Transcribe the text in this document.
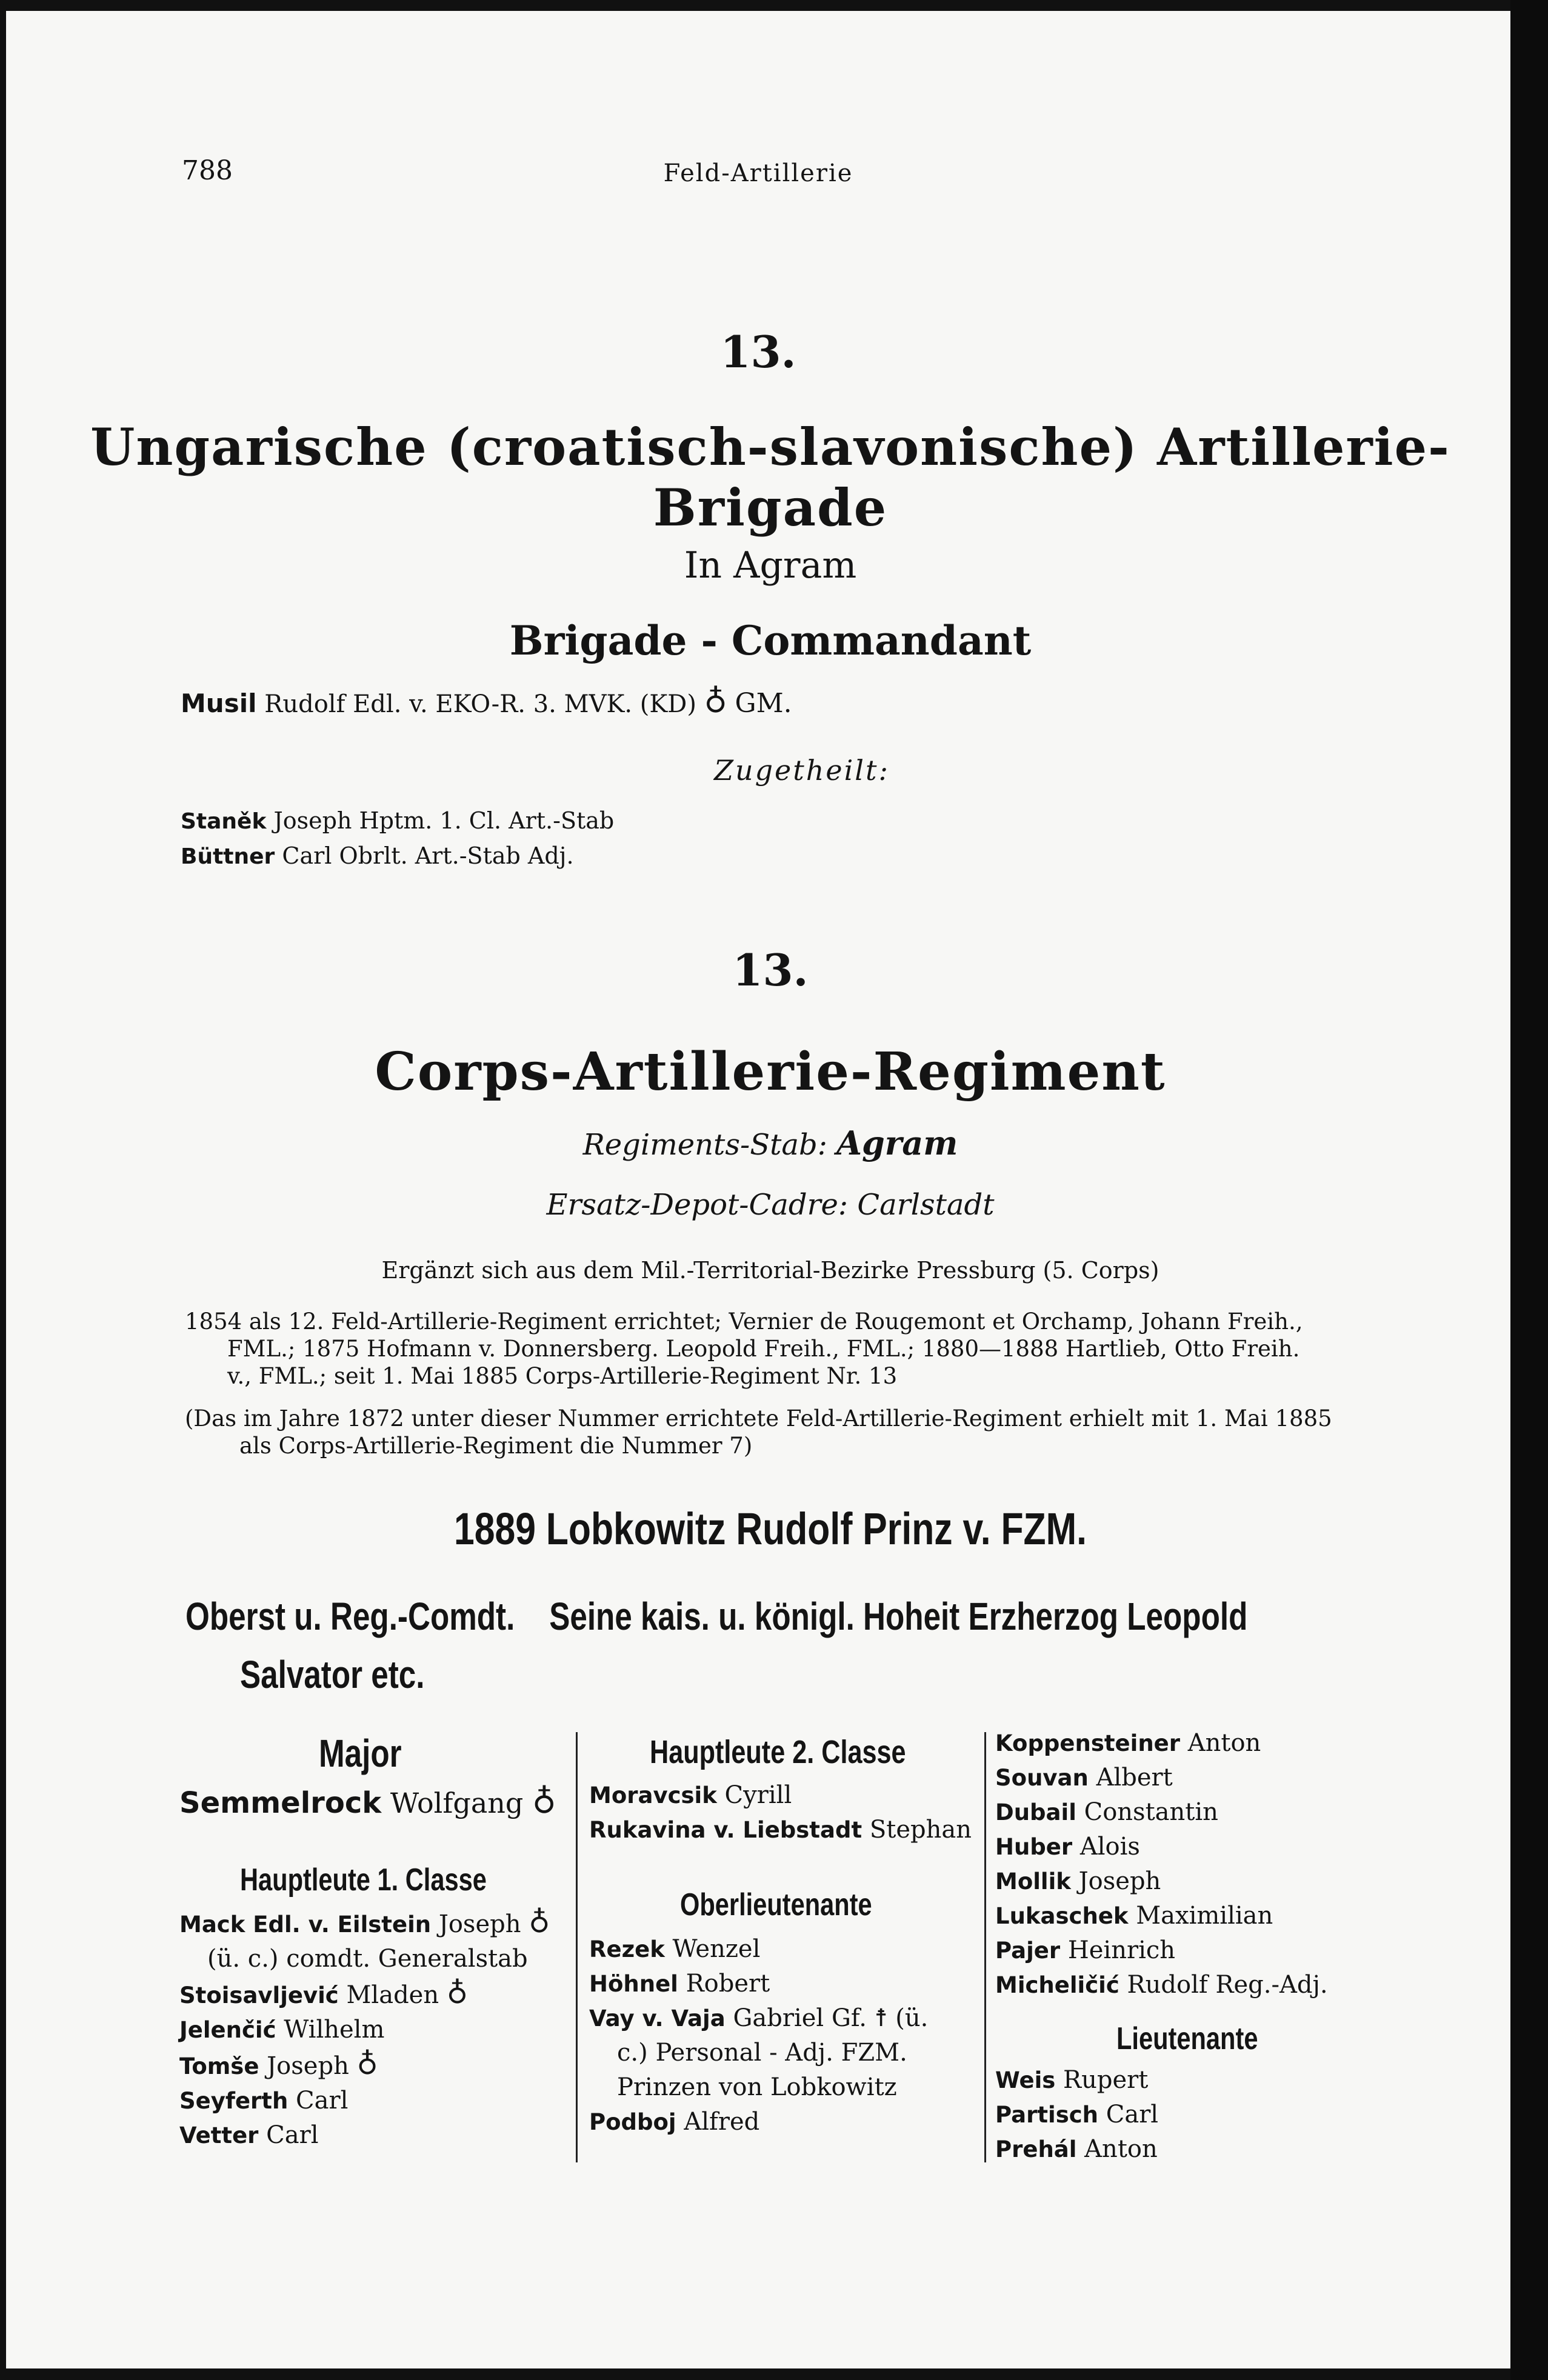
788	Feld-Artillerie
13.
Ungarische (croatisch-slavonische) Artillerie-
Brigade
In Agram
Brigade - Commandant
Musil Rudolf Edl. v. EKO-R. 3. MVK. (KD) ♁ GM.
Zugetheilt:
Staněk Joseph Hptm. 1. Cl. Art.-Stab
Büttner Carl Obrlt. Art.-Stab Adj.
13.
Corps-Artillerie-Regiment
Regiments-Stab: Agram
Ersatz-Depot-Cadre: Carlstadt
Ergänzt sich aus dem Mil.-Territorial-Bezirke Pressburg (5. Corps)
1854 als 12. Feld-Artillerie-Regiment errichtet; Vernier de Rougemont et Orchamp, Johann Freih.,
FML.; 1875 Hofmann v. Donnersberg. Leopold Freih., FML.; 1880—1888 Hartlieb, Otto Freih.
v., FML.; seit 1. Mai 1885 Corps-Artillerie-Regiment Nr. 13
(Das im Jahre 1872 unter dieser Nummer errichtete Feld-Artillerie-Regiment erhielt mit 1. Mai 1885
als Corps-Artillerie-Regiment die Nummer 7)
1889 Lobkowitz Rudolf Prinz v. FZM.
Oberst u. Reg.-Comdt. Seine kais. u. königl. Hoheit Erzherzog Leopold
Salvator etc.
Major
Semmelrock Wolfgang ♁
Hauptleute 1. Classe
Mack Edl. v. Eilstein Joseph ♁
(ü. c.) comdt. Generalstab
Stoisavljević Mladen ♁
Jelenčić Wilhelm
Tomše Joseph ♁
Seyferth Carl
Vetter Carl
Hauptleute 2. Classe
Moravcsik Cyrill
Rukavina v. Liebstadt Stephan
Oberlieutenante
Rezek Wenzel
Höhnel Robert
Vay v. Vaja Gabriel Gf. ☨ (ü.
c.) Personal - Adj. FZM.
Prinzen von Lobkowitz
Podboj Alfred
Koppensteiner Anton
Souvan Albert
Dubail Constantin
Huber Alois
Mollik Joseph
Lukaschek Maximilian
Pajer Heinrich
Micheličić Rudolf Reg.-Adj.
Lieutenante
Weis Rupert
Partisch Carl
Prehál Anton
